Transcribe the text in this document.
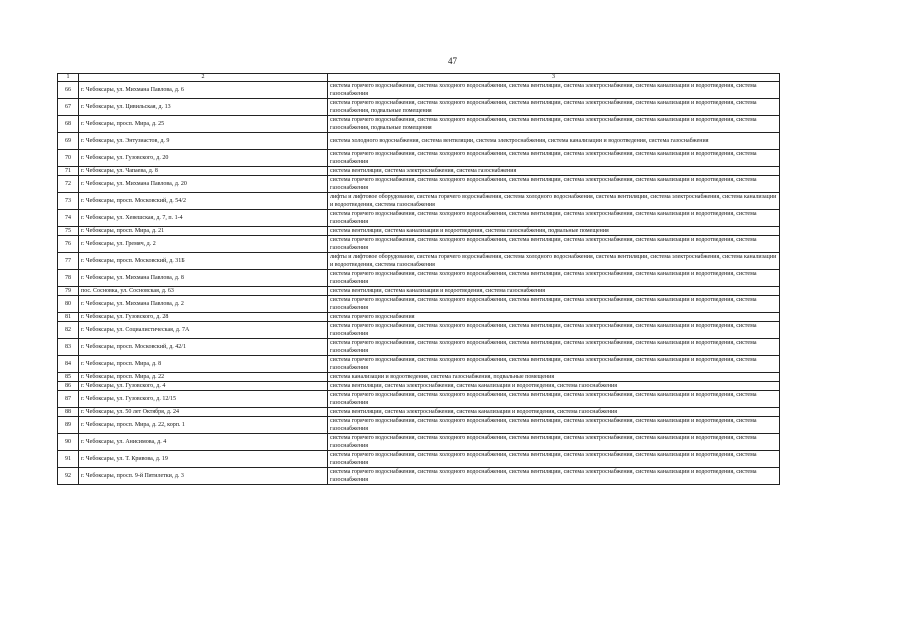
47
1	2	3
66	г. Чебоксары, ул. Михмана Павлова, д. 6	система горячего водоснабжения, система холодного водоснабжения, система вентиляции, система электроснабжения, система канализации и водоотведения, система газоснабжения
67	г. Чебоксары, ул. Цивильская, д. 13	система горячего водоснабжения, система холодного водоснабжения, система вентиляции, система электроснабжения, система канализации и водоотведения, система газоснабжения, подвальные помещения
68	г. Чебоксары, просп. Мира, д. 25	система горячего водоснабжения, система холодного водоснабжения, система вентиляции, система электроснабжения, система канализации и водоотведения, система газоснабжения, подвальные помещения
69	г. Чебоксары, ул. Энтузиастов, д. 9	система холодного водоснабжения, система вентиляции, система электроснабжения, система канализации и водоотведения, система газоснабжения
70	г. Чебоксары, ул. Гузовского, д. 20	система горячего водоснабжения, система холодного водоснабжения, система вентиляции, система электроснабжения, система канализации и водоотведения, система газоснабжения
71	г. Чебоксары, ул. Чапаева, д. 8	система вентиляции, система электроснабжения, система газоснабжения
72	г. Чебоксары, ул. Михмана Павлова, д. 20	система горячего водоснабжения, система холодного водоснабжения, система вентиляции, система электроснабжения, система канализации и водоотведения, система газоснабжения
73	г. Чебоксары, просп. Московский, д. 54/2	лифты и лифтовое оборудование, система горячего водоснабжения, система холодного водоснабжения, система вентиляции, система электроснабжения, система канализации и водоотведения, система газоснабжения
74	г. Чебоксары, ул. Хевешская, д. 7, п. 1-4	система горячего водоснабжения, система холодного водоснабжения, система вентиляции, система электроснабжения, система канализации и водоотведения, система газоснабжения
75	г. Чебоксары, просп. Мира, д. 21	система вентиляции, система канализации и водоотведения, система газоснабжения, подвальные помещения
76	г. Чебоксары, ул. Гремяч, д. 2	система горячего водоснабжения, система холодного водоснабжения, система вентиляции, система электроснабжения, система канализации и водоотведения, система газоснабжения
77	г. Чебоксары, просп. Московский, д. 31Б	лифты и лифтовое оборудование, система горячего водоснабжения, система холодного водоснабжения, система вентиляции, система электроснабжения, система канализации и водоотведения, система газоснабжения
78	г. Чебоксары, ул. Михмана Павлова, д. 8	система горячего водоснабжения, система холодного водоснабжения, система вентиляции, система электроснабжения, система канализации и водоотведения, система газоснабжения
79	пос. Сосновка, ул. Сосновская, д. 63	система вентиляции, система канализации и водоотведения, система газоснабжения
80	г. Чебоксары, ул. Михмана Павлова, д. 2	система горячего водоснабжения, система холодного водоснабжения, система вентиляции, система электроснабжения, система канализации и водоотведения, система газоснабжения
81	г. Чебоксары, ул. Гузовского, д. 28	система горячего водоснабжения
82	г. Чебоксары, ул. Социалистическая, д. 7А	система горячего водоснабжения, система холодного водоснабжения, система вентиляции, система электроснабжения, система канализации и водоотведения, система газоснабжения
83	г. Чебоксары, просп. Московский, д. 42/1	система горячего водоснабжения, система холодного водоснабжения, система вентиляции, система электроснабжения, система канализации и водоотведения, система газоснабжения
84	г. Чебоксары, просп. Мира, д. 8	система горячего водоснабжения, система холодного водоснабжения, система вентиляции, система электроснабжения, система канализации и водоотведения, система газоснабжения
85	г. Чебоксары, просп. Мира, д. 22	система канализации и водоотведения, система газоснабжения, подвальные помещения
86	г. Чебоксары, ул. Гузовского, д. 4	система вентиляции, система электроснабжения, система канализации и водоотведения, система газоснабжения
87	г. Чебоксары, ул. Гузовского, д. 12/15	система горячего водоснабжения, система холодного водоснабжения, система вентиляции, система электроснабжения, система канализации и водоотведения, система газоснабжения
88	г. Чебоксары, ул. 50 лет Октября, д. 24	система вентиляции, система электроснабжения, система канализации и водоотведения, система газоснабжения
89	г. Чебоксары, просп. Мира, д. 22, корп. 1	система горячего водоснабжения, система холодного водоснабжения, система вентиляции, система электроснабжения, система канализации и водоотведения, система газоснабжения
90	г. Чебоксары, ул. Анисимова, д. 4	система горячего водоснабжения, система холодного водоснабжения, система вентиляции, система электроснабжения, система канализации и водоотведения, система газоснабжения
91	г. Чебоксары, ул. Т. Кривова, д. 19	система горячего водоснабжения, система холодного водоснабжения, система вентиляции, система электроснабжения, система канализации и водоотведения, система газоснабжения
92	г. Чебоксары, просп. 9-й Пятилетки, д. 3	система горячего водоснабжения, система холодного водоснабжения, система вентиляции, система электроснабжения, система канализации и водоотведения, система газоснабжения
